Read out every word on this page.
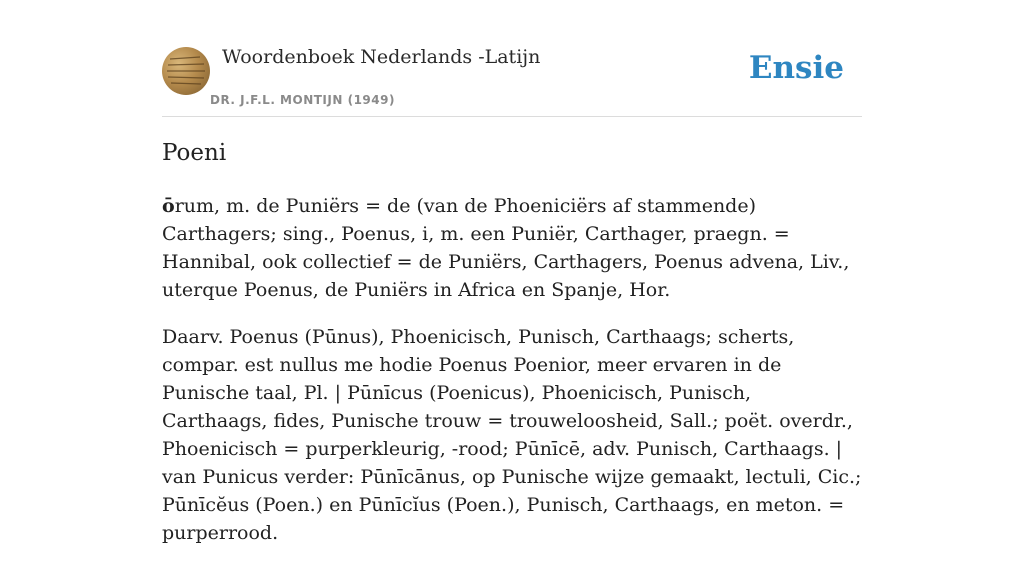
Woordenboek Nederlands -Latijn
DR. J.F.L. MONTIJN (1949)
Ensie
Poeni

ōrum, m. de Puniërs = de (van de Phoeniciërs af stammende) Carthagers; sing., Poenus, i, m. een Puniër, Carthager, praegn. = Hannibal, ook collectief = de Puniërs, Carthagers, Poenus advena, Liv., uterque Poenus, de Puniërs in Africa en Spanje, Hor.

Daarv. Poenus (Pūnus), Phoenicisch, Punisch, Carthaags; scherts, compar. est nullus me hodie Poenus Poenior, meer ervaren in de Punische taal, Pl. | Pūnīcus (Poenicus), Phoenicisch, Punisch, Carthaags, fides, Punische trouw = trouweloosheid, Sall.; poët. overdr., Phoenicisch = purperkleurig, -rood; Pūnīcē, adv. Punisch, Carthaags. | van Punicus verder: Pūnīcānus, op Punische wijze gemaakt, lectuli, Cic.; Pūnīcĕus (Poen.) en Pūnīcĭus (Poen.), Punisch, Carthaags, en meton. = purperrood.
